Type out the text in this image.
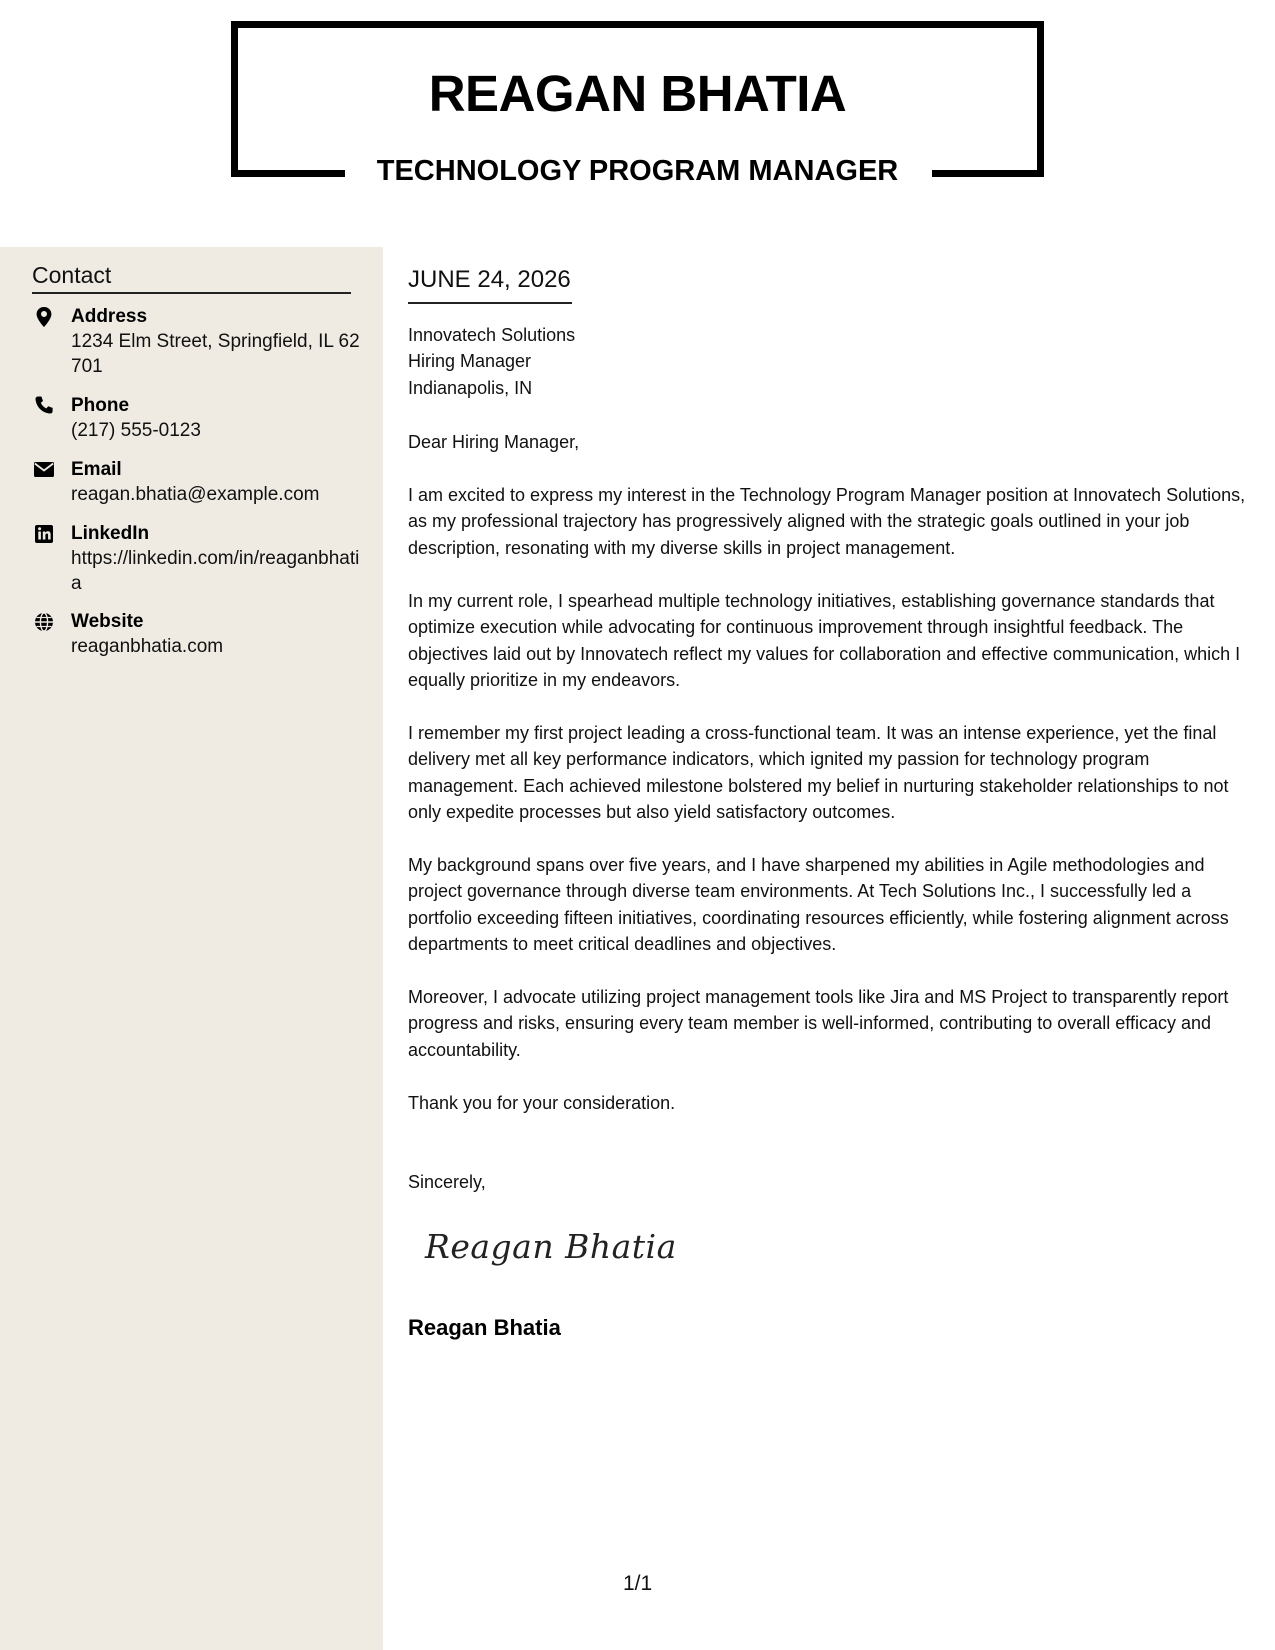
REAGAN BHATIA
TECHNOLOGY PROGRAM MANAGER
Contact
Address
1234 Elm Street, Springfield, IL 62701
Phone
(217) 555-0123
Email
reagan.bhatia@example.com
LinkedIn
https://linkedin.com/in/reaganbhatia
Website
reaganbhatia.com
JUNE 24, 2026
Innovatech Solutions
Hiring Manager
Indianapolis, IN

Dear Hiring Manager,

I am excited to express my interest in the Technology Program Manager position at Innovatech Solutions, as my professional trajectory has progressively aligned with the strategic goals outlined in your job description, resonating with my diverse skills in project management.

In my current role, I spearhead multiple technology initiatives, establishing governance standards that optimize execution while advocating for continuous improvement through insightful feedback. The objectives laid out by Innovatech reflect my values for collaboration and effective communication, which I equally prioritize in my endeavors.

I remember my first project leading a cross-functional team. It was an intense experience, yet the final delivery met all key performance indicators, which ignited my passion for technology program management. Each achieved milestone bolstered my belief in nurturing stakeholder relationships to not only expedite processes but also yield satisfactory outcomes.

My background spans over five years, and I have sharpened my abilities in Agile methodologies and project governance through diverse team environments. At Tech Solutions Inc., I successfully led a portfolio exceeding fifteen initiatives, coordinating resources efficiently, while fostering alignment across departments to meet critical deadlines and objectives.

Moreover, I advocate utilizing project management tools like Jira and MS Project to transparently report progress and risks, ensuring every team member is well-informed, contributing to overall efficacy and accountability.

Thank you for your consideration.

Sincerely,

Reagan Bhatia
Reagan Bhatia
1/1
